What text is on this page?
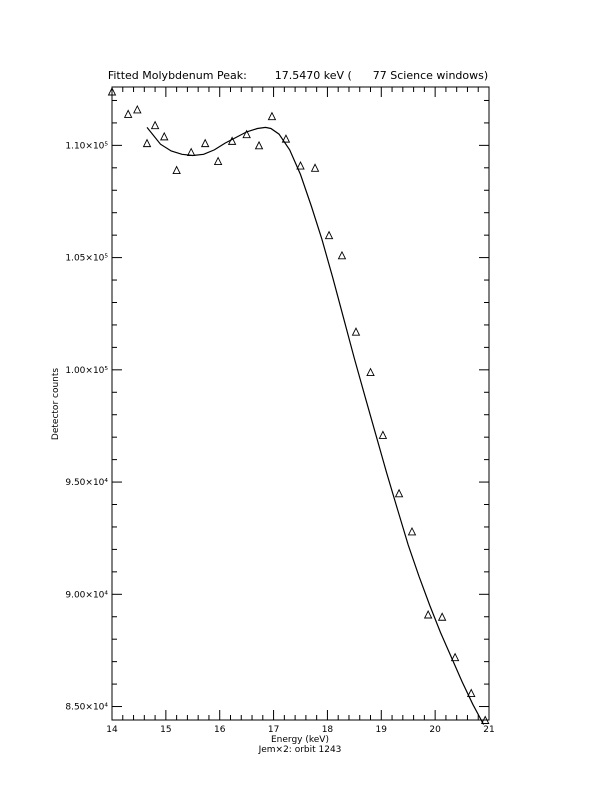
Fitted Molybdenum Peak:        17.5470 keV (      77 Science windows)
14	15	16	17	18	19	20	21
8.50×10⁴
9.00×10⁴
9.50×10⁴
1.00×10⁵
1.05×10⁵
1.10×10⁵
Energy (keV)
Jem×2: orbit 1243
Detector counts
